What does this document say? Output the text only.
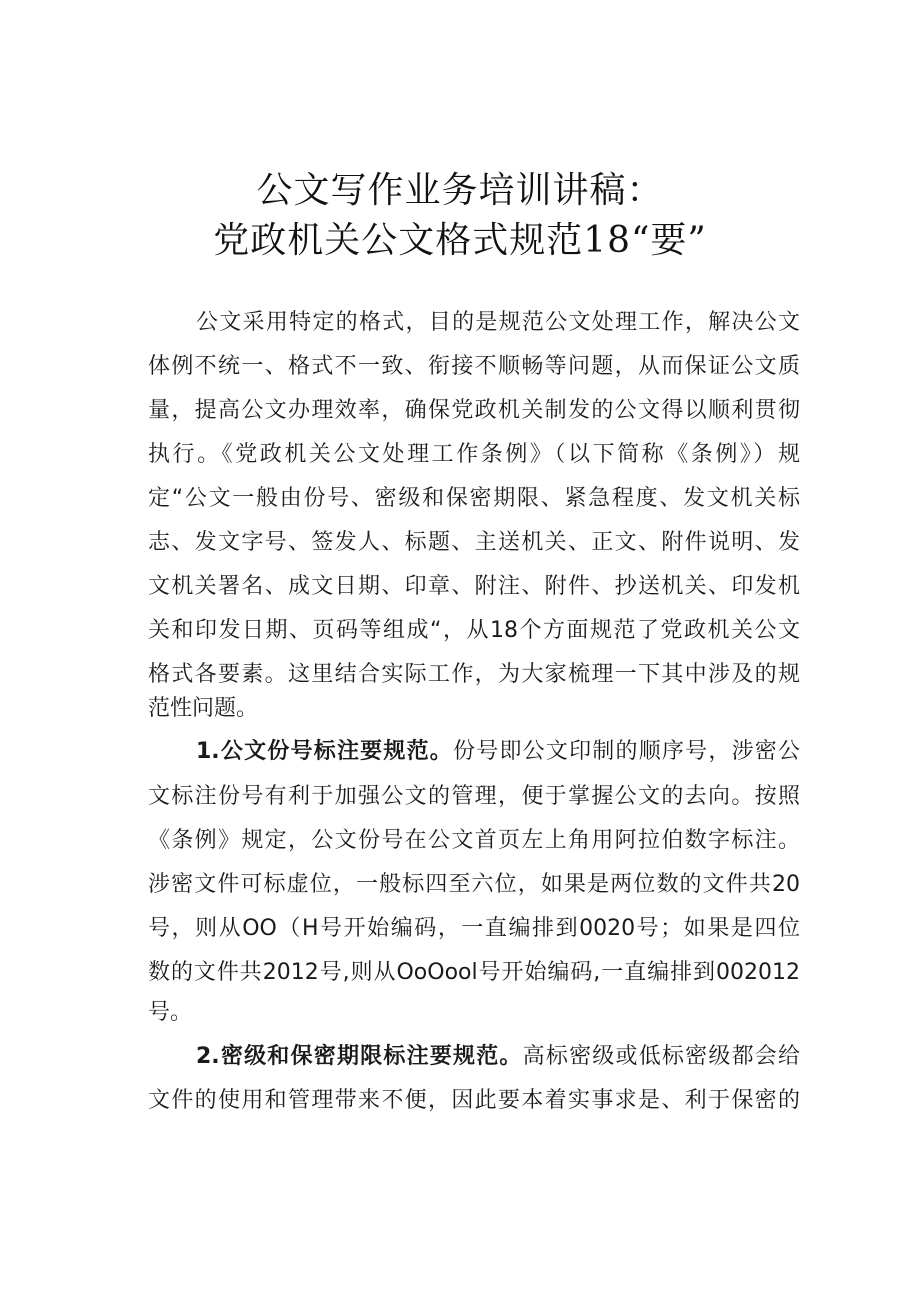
公文写作业务培训讲稿：
党政机关公文格式规范18“要”
公文采用特定的格式，目的是规范公文处理工作，解决公文
体例不统一、格式不一致、衔接不顺畅等问题，从而保证公文质
量，提高公文办理效率，确保党政机关制发的公文得以顺利贯彻
执行。《党政机关公文处理工作条例》（以下简称《条例》）规
定“公文一般由份号、密级和保密期限、紧急程度、发文机关标
志、发文字号、签发人、标题、主送机关、正文、附件说明、发
文机关署名、成文日期、印章、附注、附件、抄送机关、印发机
关和印发日期、页码等组成“，从18个方面规范了党政机关公文
格式各要素。这里结合实际工作，为大家梳理一下其中涉及的规
范性问题。
1.公文份号标注要规范。份号即公文印制的顺序号，涉密公
文标注份号有利于加强公文的管理，便于掌握公文的去向。按照
《条例》规定，公文份号在公文首页左上角用阿拉伯数字标注。
涉密文件可标虚位，一般标四至六位，如果是两位数的文件共20
号，则从OO（H号开始编码，一直编排到0020号；如果是四位
数的文件共2012号,则从OoOool号开始编码,一直编排到002012
号。
2.密级和保密期限标注要规范。高标密级或低标密级都会给
文件的使用和管理带来不便，因此要本着实事求是、利于保密的
